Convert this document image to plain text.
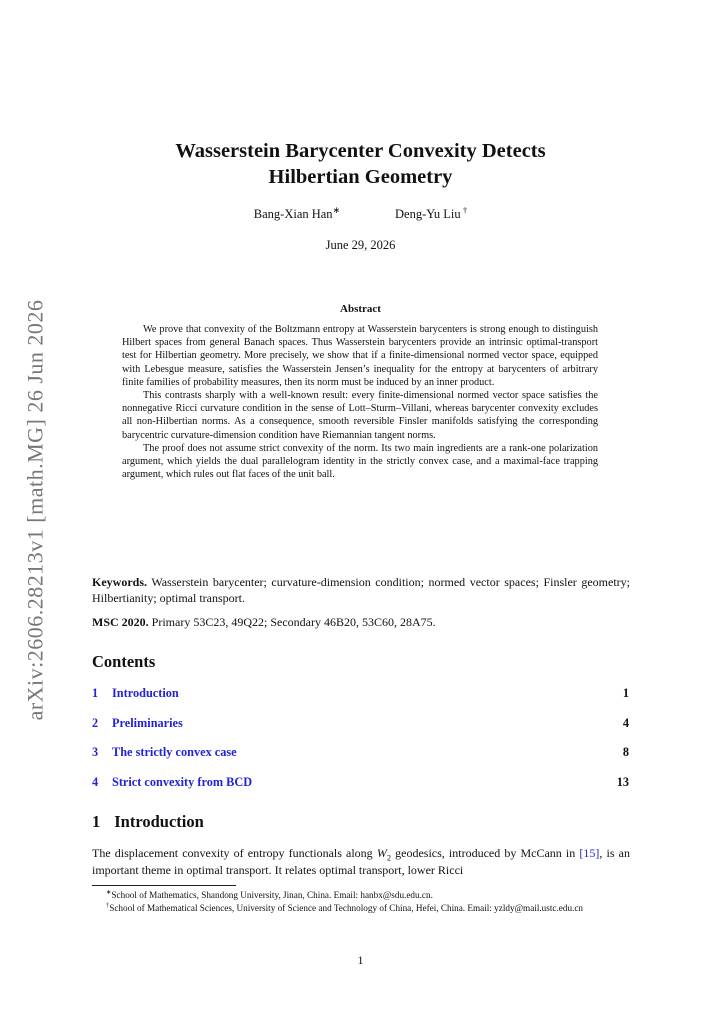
arXiv:2606.28213v1 [math.MG] 26 Jun 2026
Wasserstein Barycenter Convexity Detects
Hilbertian Geometry
Bang-Xian Han∗	Deng-Yu Liu †
June 29, 2026
Abstract

We prove that convexity of the Boltzmann entropy at Wasserstein barycenters is strong enough to distinguish Hilbert spaces from general Banach spaces. Thus Wasserstein barycenters provide an intrinsic optimal-transport test for Hilbertian geometry. More precisely, we show that if a finite-dimensional normed vector space, equipped with Lebesgue measure, satisfies the Wasserstein Jensen’s inequality for the entropy at barycenters of arbitrary finite families of probability measures, then its norm must be induced by an inner product.

This contrasts sharply with a well-known result: every finite-dimensional normed vector space satisfies the nonnegative Ricci curvature condition in the sense of Lott–Sturm–Villani, whereas barycenter convexity excludes all non-Hilbertian norms. As a consequence, smooth reversible Finsler manifolds satisfying the corresponding barycentric curvature-dimension condition have Riemannian tangent norms.

The proof does not assume strict convexity of the norm. Its two main ingredients are a rank-one polarization argument, which yields the dual parallelogram identity in the strictly convex case, and a maximal-face trapping argument, which rules out flat faces of the unit ball.

Keywords. Wasserstein barycenter; curvature-dimension condition; normed vector spaces; Finsler geometry; Hilbertianity; optimal transport.
MSC 2020. Primary 53C23, 49Q22; Secondary 46B20, 53C60, 28A75.
Contents
1 Introduction	1
2 Preliminaries	4
3 The strictly convex case	8
4 Strict convexity from BCD	13
1 Introduction
The displacement convexity of entropy functionals along $W_2$ geodesics, introduced by McCann in [15], is an important theme in optimal transport. It relates optimal transport, lower Ricci

∗School of Mathematics, Shandong University, Jinan, China. Email: hanbx@sdu.edu.cn.

†School of Mathematical Sciences, University of Science and Technology of China, Hefei, China. Email: yzldy@mail.ustc.edu.cn

1
